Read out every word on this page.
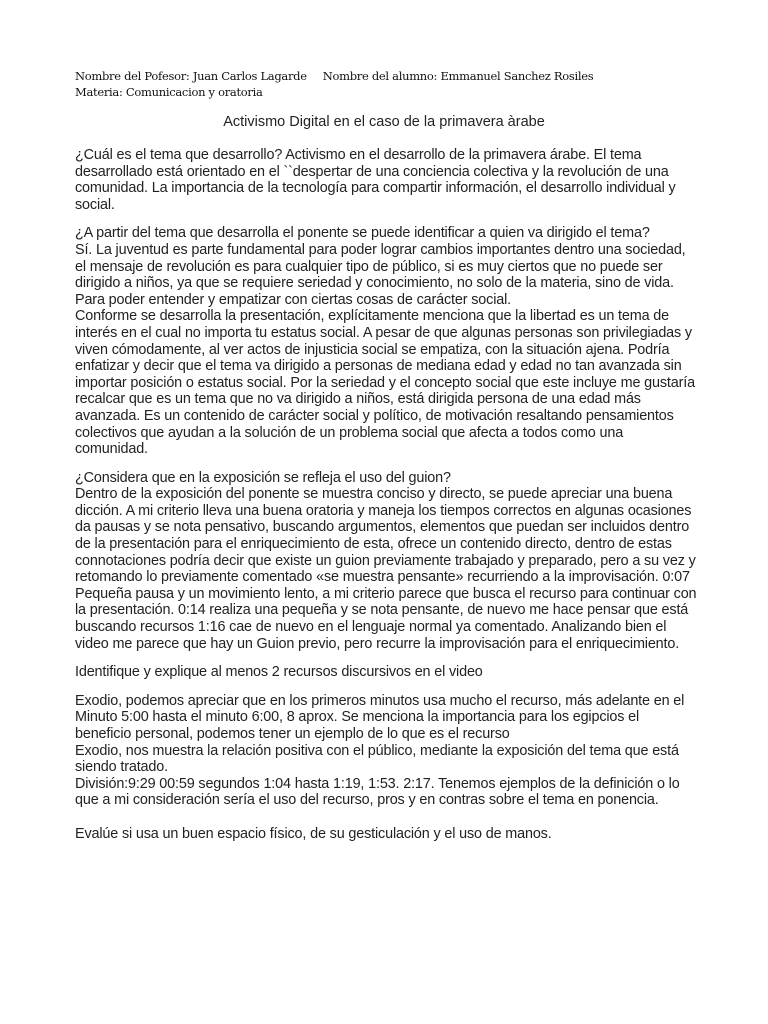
Nombre del Pofesor: Juan Carlos Lagarde Nombre del alumno: Emmanuel Sanchez Rosiles
Materia: Comunicacion y oratoria
Activismo Digital en el caso de la primavera àrabe

¿Cuál es el tema que desarrollo? Activismo en el desarrollo de la primavera árabe. El tema desarrollado está orientado en el ``despertar de una conciencia colectiva y la revolución de una comunidad. La importancia de la tecnología para compartir información, el desarrollo individual y social.

¿A partir del tema que desarrolla el ponente se puede identificar a quien va dirigido el tema?

Sí. La juventud es parte fundamental para poder lograr cambios importantes dentro una sociedad, el mensaje de revolución es para cualquier tipo de público, si es muy ciertos que no puede ser dirigido a niños, ya que se requiere seriedad y conocimiento, no solo de la materia, sino de vida. Para poder entender y empatizar con ciertas cosas de carácter social.

Conforme se desarrolla la presentación, explícitamente menciona que la libertad es un tema de interés en el cual no importa tu estatus social. A pesar de que algunas personas son privilegiadas y viven cómodamente, al ver actos de injusticia social se empatiza, con la situación ajena. Podría enfatizar y decir que el tema va dirigido a personas de mediana edad y edad no tan avanzada sin importar posición o estatus social. Por la seriedad y el concepto social que este incluye me gustaría recalcar que es un tema que no va dirigido a niños, está dirigida persona de una edad más avanzada. Es un contenido de carácter social y político, de motivación resaltando pensamientos colectivos que ayudan a la solución de un problema social que afecta a todos como una comunidad.

¿Considera que en la exposición se refleja el uso del guion?

Dentro de la exposición del ponente se muestra conciso y directo, se puede apreciar una buena dicción. A mi criterio lleva una buena oratoria y maneja los tiempos correctos en algunas ocasiones da pausas y se nota pensativo, buscando argumentos, elementos que puedan ser incluidos dentro de la presentación para el enriquecimiento de esta, ofrece un contenido directo, dentro de estas connotaciones podría decir que existe un guion previamente trabajado y preparado, pero a su vez y retomando lo previamente comentado «se muestra pensante» recurriendo a la improvisación. 0:07 Pequeña pausa y un movimiento lento, a mi criterio parece que busca el recurso para continuar con la presentación. 0:14 realiza una pequeña y se nota pensante, de nuevo me hace pensar que está buscando recursos 1:16 cae de nuevo en el lenguaje normal ya comentado. Analizando bien el video me parece que hay un Guion previo, pero recurre la improvisación para el enriquecimiento.

Identifique y explique al menos 2 recursos discursivos en el video

Exodio, podemos apreciar que en los primeros minutos usa mucho el recurso, más adelante en el Minuto 5:00 hasta el minuto 6:00, 8 aprox. Se menciona la importancia para los egipcios el beneficio personal, podemos tener un ejemplo de lo que es el recurso

Exodio, nos muestra la relación positiva con el público, mediante la exposición del tema que está siendo tratado.

División:9:29 00:59 segundos 1:04 hasta 1:19, 1:53. 2:17. Tenemos ejemplos de la definición o lo que a mi consideración sería el uso del recurso, pros y en contras sobre el tema en ponencia.

Evalúe si usa un buen espacio físico, de su gesticulación y el uso de manos.
